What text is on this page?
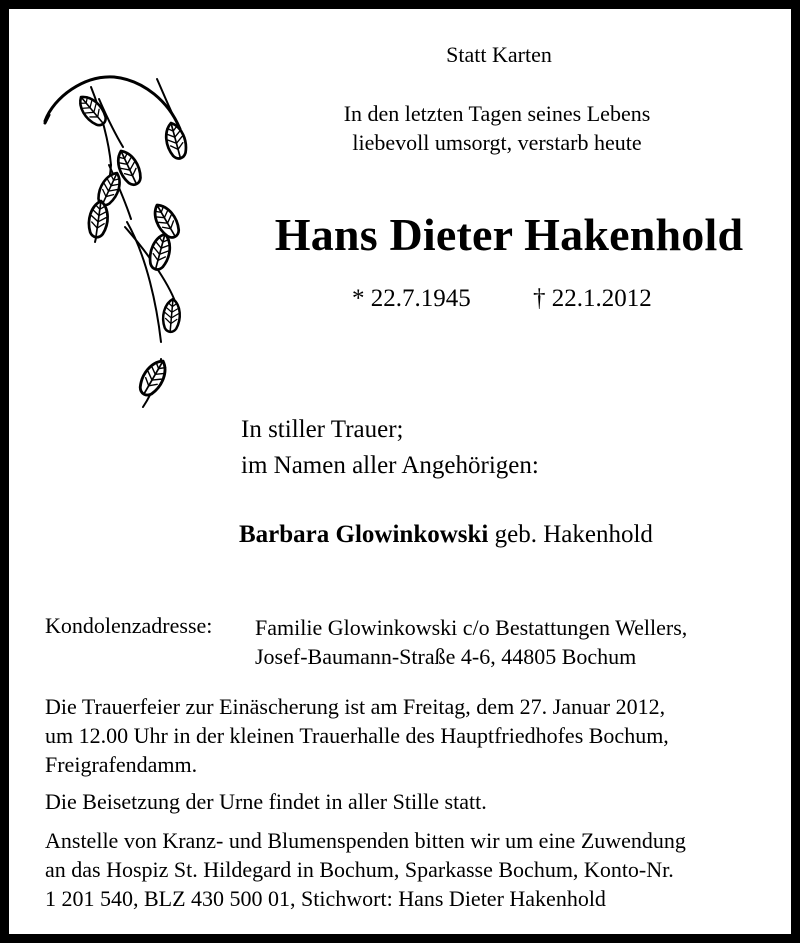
Statt Karten

In den letzten Tagen seines Lebens
liebevoll umsorgt, verstarb heute
Hans Dieter Hakenhold
* 22.7.1945 † 22.1.2012
In stiller Trauer;
im Namen aller Angehörigen:
Barbara Glowinkowski geb. Hakenhold
Kondolenzadresse: Familie Glowinkowski c/o Bestattungen Wellers,
Josef-Baumann-Straße 4-6, 44805 Bochum
Die Trauerfeier zur Einäscherung ist am Freitag, dem 27. Januar 2012,
um 12.00 Uhr in der kleinen Trauerhalle des Hauptfriedhofes Bochum,
Freigrafendamm.
Die Beisetzung der Urne findet in aller Stille statt.
Anstelle von Kranz- und Blumenspenden bitten wir um eine Zuwendung
an das Hospiz St. Hildegard in Bochum, Sparkasse Bochum, Konto-Nr.
1 201 540, BLZ 430 500 01, Stichwort: Hans Dieter Hakenhold
